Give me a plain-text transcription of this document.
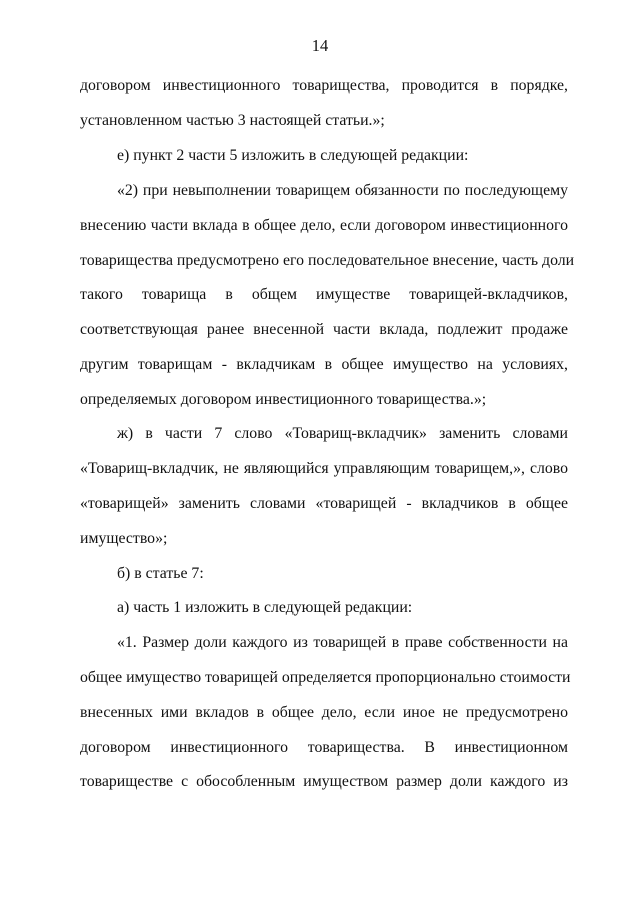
14
договором инвестиционного товарищества, проводится в порядке,
установленном частью 3 настоящей статьи.»;
е) пункт 2 части 5 изложить в следующей редакции:
«2) при невыполнении товарищем обязанности по последующему
внесению части вклада в общее дело, если договором инвестиционного
товарищества предусмотрено его последовательное внесение, часть доли
такого товарища в общем имуществе товарищей-вкладчиков,
соответствующая ранее внесенной части вклада, подлежит продаже
другим товарищам - вкладчикам в общее имущество на условиях,
определяемых договором инвестиционного товарищества.»;
ж) в части 7 слово «Товарищ-вкладчик» заменить словами
«Товарищ-вкладчик, не являющийся управляющим товарищем,», слово
«товарищей» заменить словами «товарищей - вкладчиков в общее
имущество»;
б) в статье 7:
а) часть 1 изложить в следующей редакции:
«1. Размер доли каждого из товарищей в праве собственности на
общее имущество товарищей определяется пропорционально стоимости
внесенных ими вкладов в общее дело, если иное не предусмотрено
договором инвестиционного товарищества. В инвестиционном
товариществе с обособленным имуществом размер доли каждого из
